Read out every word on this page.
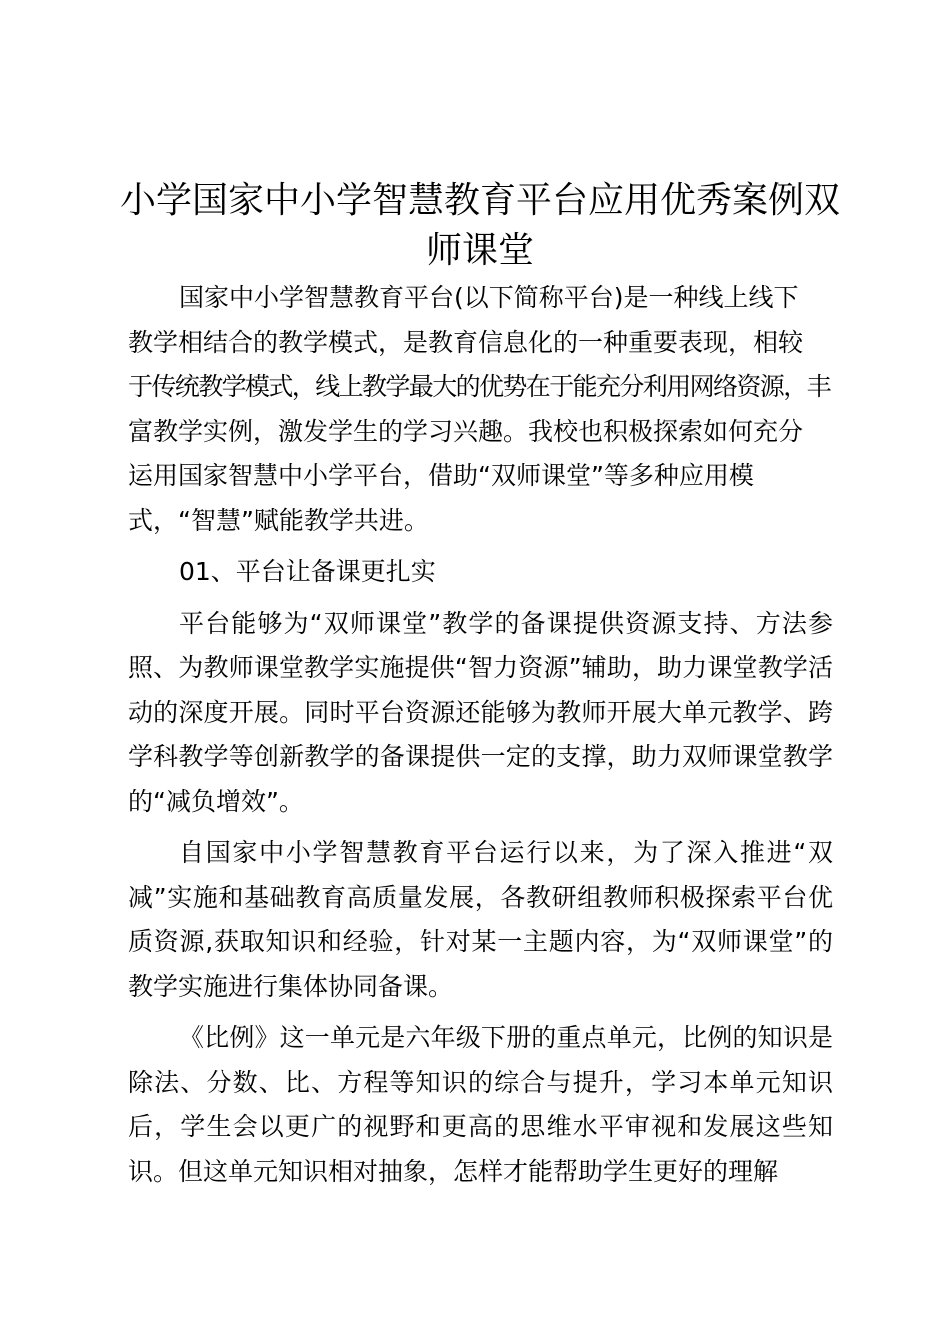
小学国家中小学智慧教育平台应用优秀案例双
师课堂
国家中小学智慧教育平台(以下简称平台)是一种线上线下
教学相结合的教学模式，是教育信息化的一种重要表现，相较
于传统教学模式，线上教学最大的优势在于能充分利用网络资源，丰
富教学实例，激发学生的学习兴趣。我校也积极探索如何充分
运用国家智慧中小学平台，借助“双师课堂”等多种应用模
式，“智慧”赋能教学共进。

01、平台让备课更扎实

平台能够为“双师课堂”教学的备课提供资源支持、方法参照、为教师课堂教学实施提供“智力资源”辅助，助力课堂教学活动的深度开展。同时平台资源还能够为教师开展大单元教学、跨学科教学等创新教学的备课提供一定的支撑，助力双师课堂教学的“减负增效”。

自国家中小学智慧教育平台运行以来，为了深入推进“双减”实施和基础教育高质量发展，各教研组教师积极探索平台优质资源,获取知识和经验，针对某一主题内容，为“双师课堂”的教学实施进行集体协同备课。

《比例》这一单元是六年级下册的重点单元，比例的知识是除法、分数、比、方程等知识的综合与提升，学习本单元知识后，学生会以更广的视野和更高的思维水平审视和发展这些知识。但这单元知识相对抽象，怎样才能帮助学生更好的理解
